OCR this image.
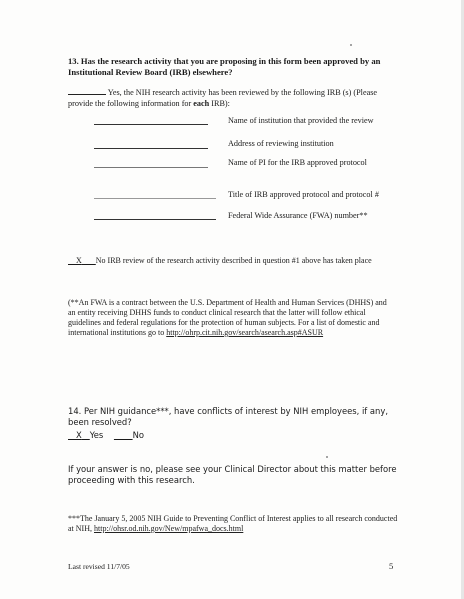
13. Has the research activity that you are proposing in this form been approved by an Institutional Review Board (IRB) elsewhere?
Yes, the NIH research activity has been reviewed by the following IRB (s) (Please provide the following information for each IRB):
Name of institution that provided the review
Address of reviewing institution
Name of PI for the IRB approved protocol
Title of IRB approved protocol and protocol #
Federal Wide Assurance (FWA) number**
X No IRB review of the research activity described in question #1 above has taken place
(**An FWA is a contract between the U.S. Department of Health and Human Services (DHHS) and an entity receiving DHHS funds to conduct clinical research that the latter will follow ethical guidelines and federal regulations for the protection of human subjects. For a list of domestic and international institutions go to http://ohrp.cit.nih.gov/search/asearch.asp#ASUR
14. Per NIH guidance***, have conflicts of interest by NIH employees, if any, been resolved?
X Yes	No
If your answer is no, please see your Clinical Director about this matter before proceeding with this research.
***The January 5, 2005 NIH Guide to Preventing Conflict of Interest applies to all research conducted at NIH, http://ohsr.od.nih.gov/New/mpafwa_docs.html
Last revised 11/7/05	5
